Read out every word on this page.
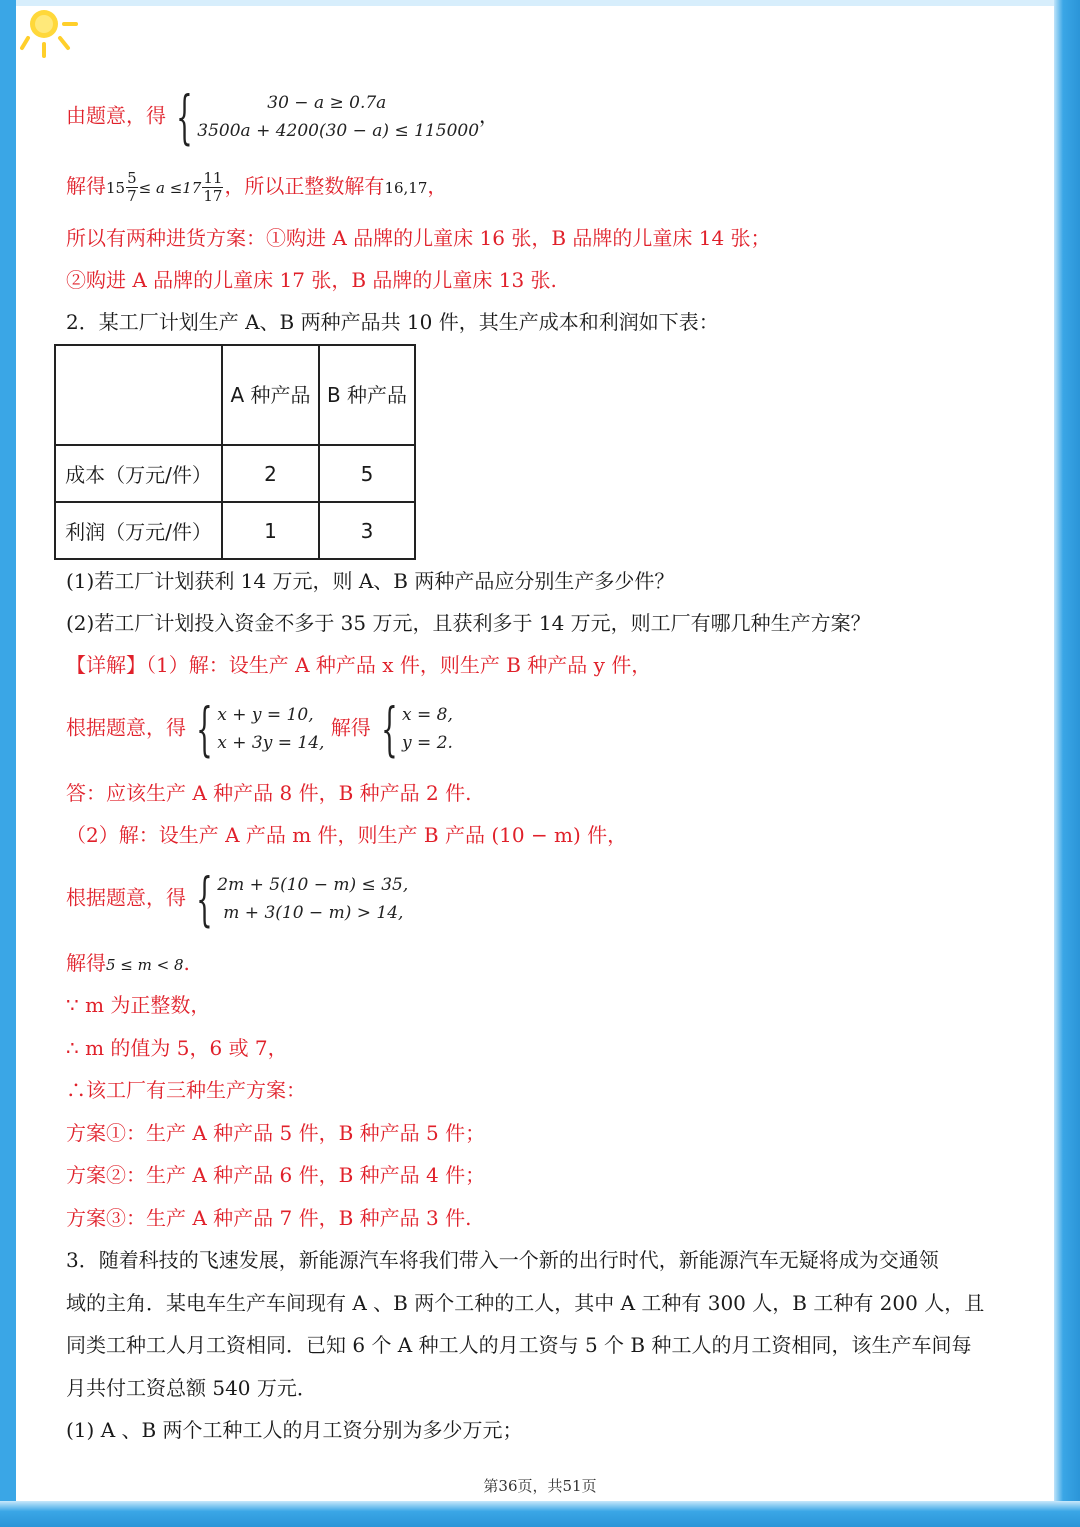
由题意，得 {	30 − a ≥ 0.7a
3500a + 4200(30 − a) ≤ 115000
，
解得$15 \frac{5}{7} \le a \le 17 \frac{11}{17}$ ，所以正整数解有16,17，
所以有两种进货方案：①购进 A 品牌的儿童床 16 张，B 品牌的儿童床 14 张；
②购进 A 品牌的儿童床 17 张，B 品牌的儿童床 13 张.
2．某工厂计划生产 A、B 两种产品共 10 件，其生产成本和利润如下表：
	A 种产品	B 种产品
成本（万元/件）	2	5
利润（万元/件）	1	3
(1)若工厂计划获利 14 万元，则 A、B 两种产品应分别生产多少件？
(2)若工厂计划投入资金不多于 35 万元，且获利多于 14 万元，则工厂有哪几种生产方案？
【详解】（1）解：设生产 A 种产品 x 件，则生产 B 种产品 y 件，
根据题意，得 { x + y = 10,
x + 3y = 14,
解得 { x = 8,
y = 2.
答：应该生产 A 种产品 8 件，B 种产品 2 件.
（2）解：设生产 A 产品 m 件，则生产 B 产品 (10 − m) 件，
根据题意，得 { 2m + 5(10 − m) ≤ 35,
m + 3(10 − m) > 14,
解得5 ≤ m < 8.
∵ m 为正整数，
∴ m 的值为 5，6 或 7，
∴该工厂有三种生产方案：
方案①：生产 A 种产品 5 件，B 种产品 5 件；
方案②：生产 A 种产品 6 件，B 种产品 4 件；
方案③：生产 A 种产品 7 件，B 种产品 3 件.
3．随着科技的飞速发展，新能源汽车将我们带入一个新的出行时代，新能源汽车无疑将成为交通领
域的主角．某电车生产车间现有 A 、B 两个工种的工人，其中 A 工种有 300 人，B 工种有 200 人，且
同类工种工人月工资相同．已知 6 个 A 种工人的月工资与 5 个 B 种工人的月工资相同，该生产车间每
月共付工资总额 540 万元．
(1) A 、B 两个工种工人的月工资分别为多少万元；
第36页，共51页
